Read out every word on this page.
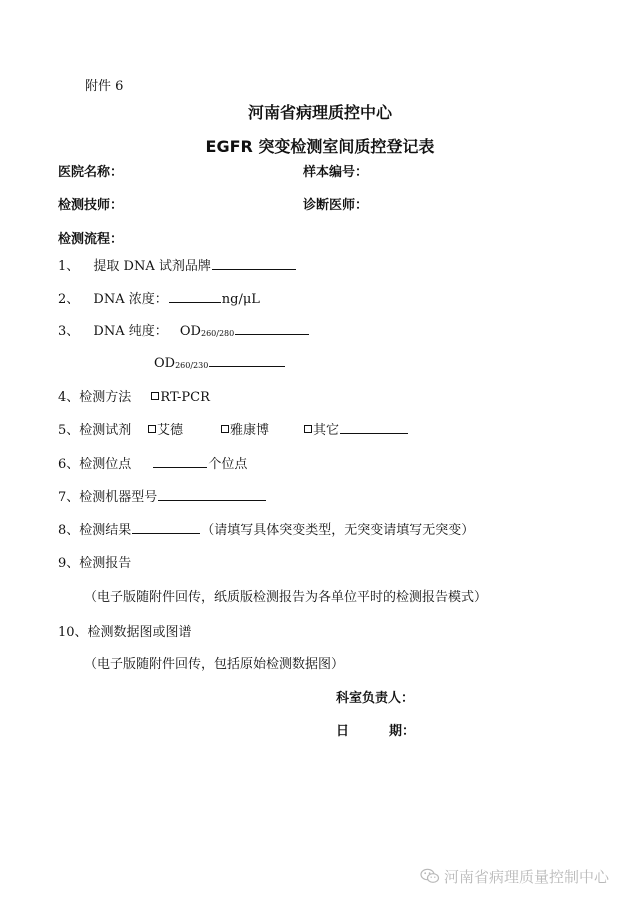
附件 6
河南省病理质控中心
EGFR 突变检测室间质控登记表
医院名称：	样本编号：
检测技师：	诊断医师：
检测流程：
1、 提取 DNA 试剂品牌
2、 DNA 浓度：	ng/μL
3、 DNA 纯度： OD260/280
OD260/230
4、检测方法 RT-PCR
5、检测试剂	艾德	雅康博	其它
6、检测位点	个位点
7、检测机器型号
8、检测结果	（请填写具体突变类型，无突变请填写无突变）
9、检测报告
（电子版随附件回传，纸质版检测报告为各单位平时的检测报告模式）
10、检测数据图或图谱
（电子版随附件回传，包括原始检测数据图）
科室负责人：
日	期：
河南省病理质量控制中心
